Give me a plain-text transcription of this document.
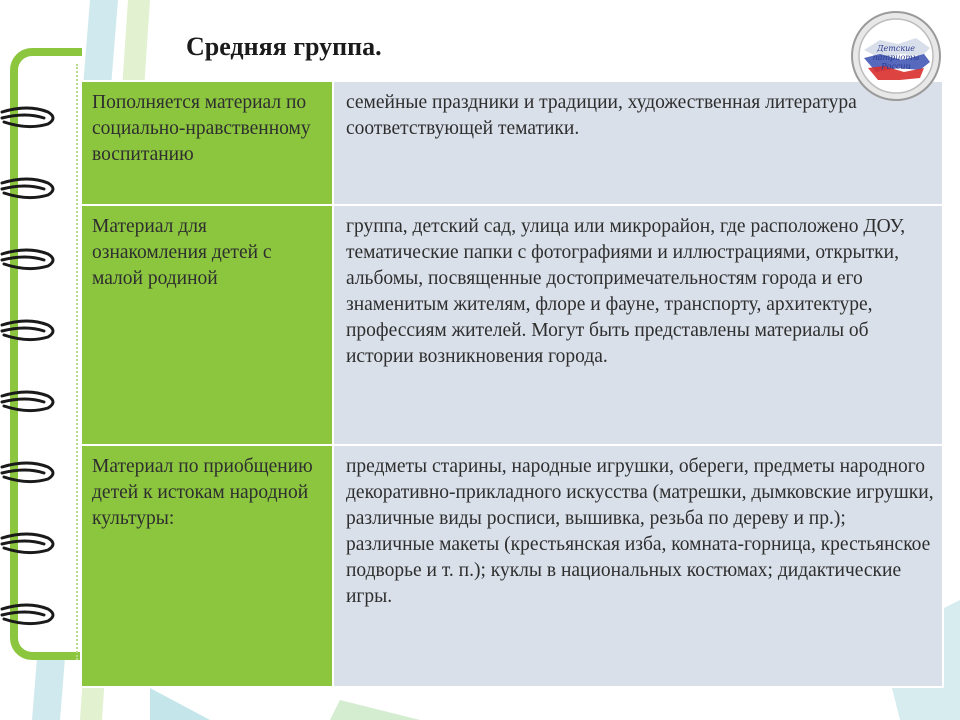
Средняя группа.	Детские
патриоты
России
Пополняется материал по социально-нравственному воспитанию	семейные праздники и традиции, художественная литература соответствующей тематики.
Материал для ознакомления детей с малой родиной	группа, детский сад, улица или микрорайон, где расположено ДОУ, тематические папки с фотографиями и иллюстрациями, открытки, альбомы, посвященные достопримечательностям города и его знаменитым жителям, флоре и фауне, транспорту, архитектуре, профессиям жителей. Могут быть представлены материалы об истории возникновения города.
Материал по приобщению детей к истокам народной культуры:	предметы старины, народные игрушки, обереги, предметы народного декоративно-прикладного искусства (матрешки, дымковские игрушки, различные виды росписи, вышивка, резьба по дереву и пр.); различные макеты (крестьянская изба, комната-горница, крестьянское подворье и т. п.); куклы в национальных костюмах; дидактические игры.
